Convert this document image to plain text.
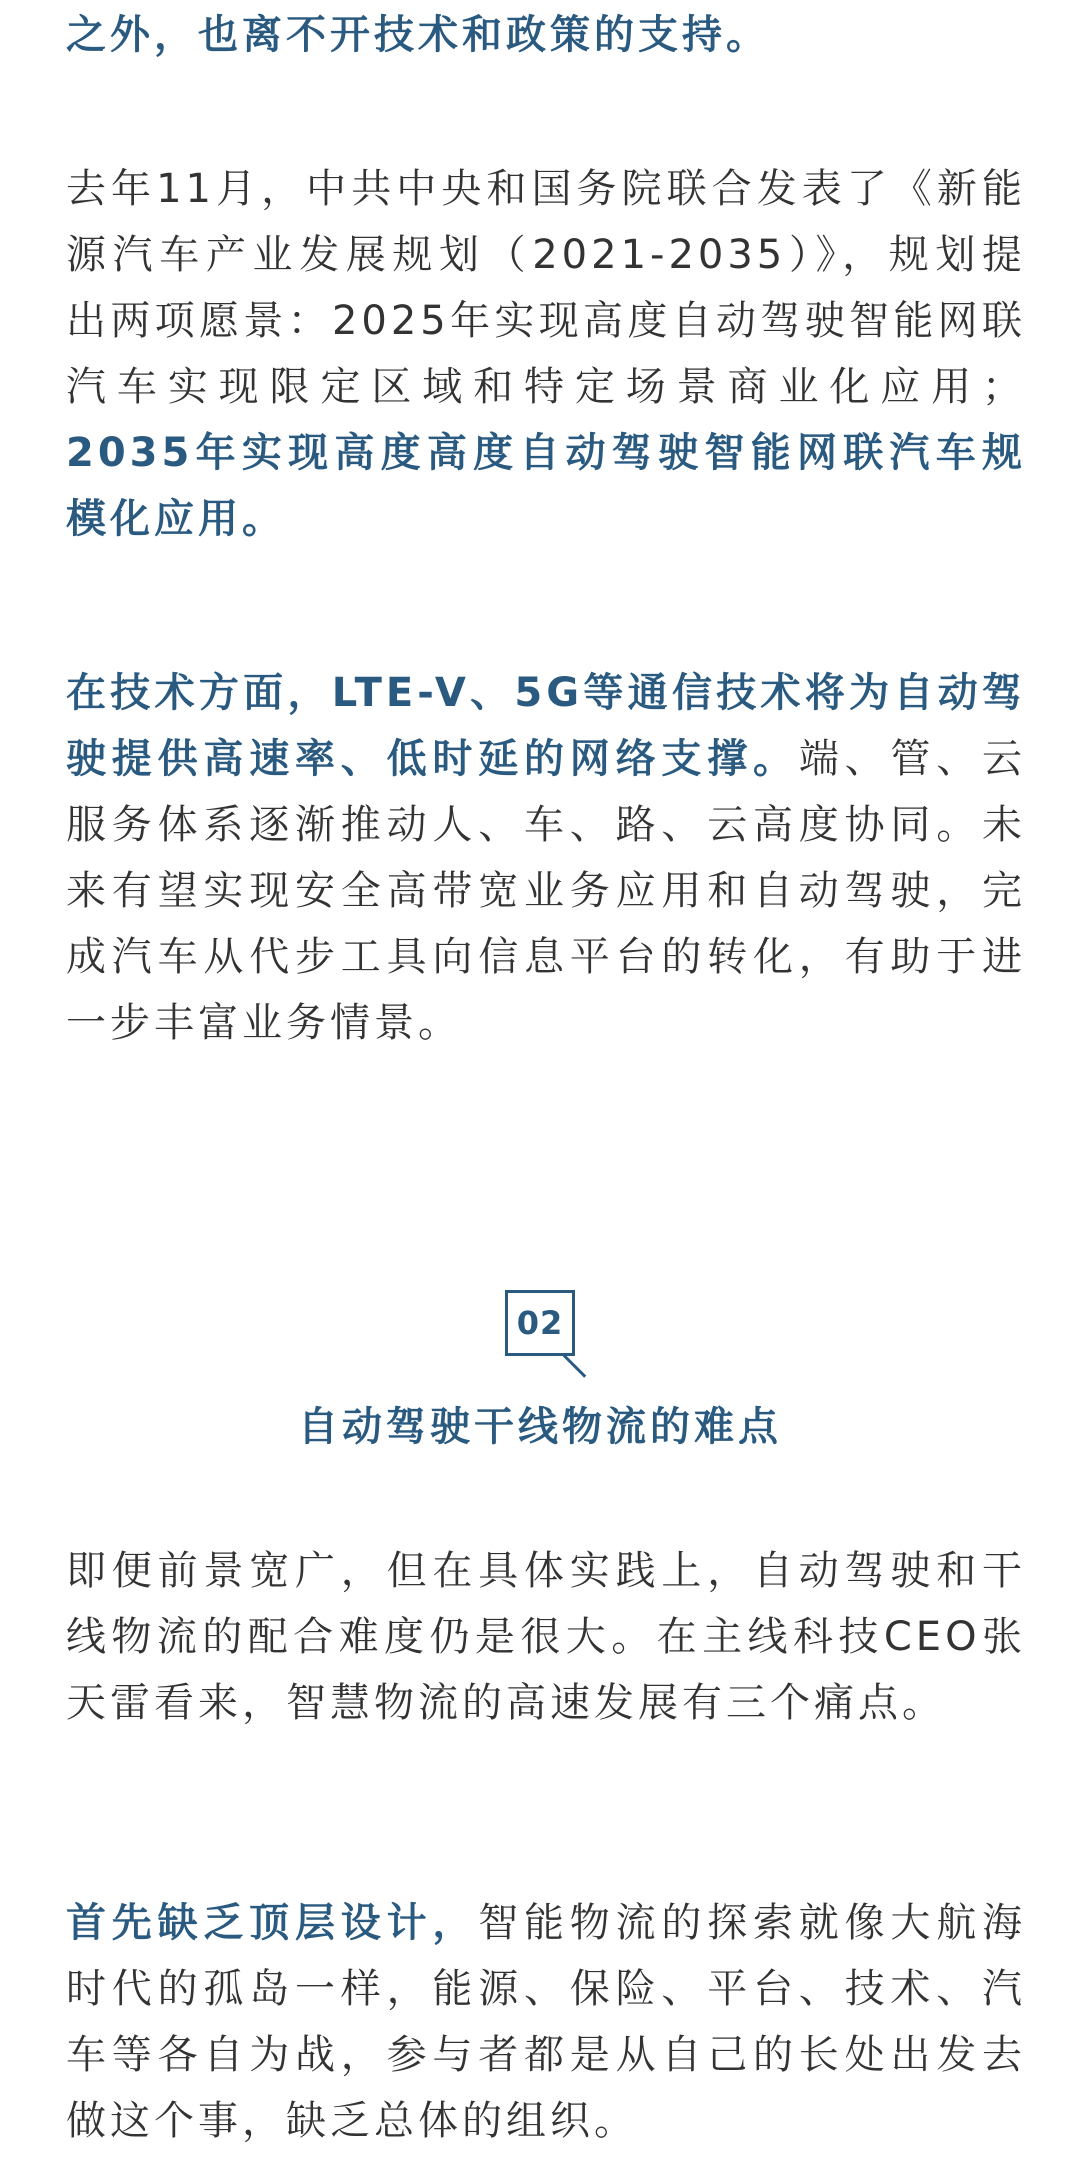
之外，也离不开技术和政策的支持。

去年11月，中共中央和国务院联合发表了《新能源汽车产业发展规划（2021-2035）》，规划提出两项愿景：2025年实现高度自动驾驶智能网联汽车实现限定区域和特定场景商业化应用；2035年实现高度高度自动驾驶智能网联汽车规模化应用。

在技术方面，LTE-V、5G等通信技术将为自动驾驶提供高速率、低时延的网络支撑。端、管、云服务体系逐渐推动人、车、路、云高度协同。未来有望实现安全高带宽业务应用和自动驾驶，完成汽车从代步工具向信息平台的转化，有助于进一步丰富业务情景。

即便前景宽广，但在具体实践上，自动驾驶和干线物流的配合难度仍是很大。在主线科技CEO张天雷看来，智慧物流的高速发展有三个痛点。

首先缺乏顶层设计，智能物流的探索就像大航海时代的孤岛一样，能源、保险、平台、技术、汽车等各自为战，参与者都是从自己的长处出发去做这个事，缺乏总体的组织。

02
自动驾驶干线物流的难点
